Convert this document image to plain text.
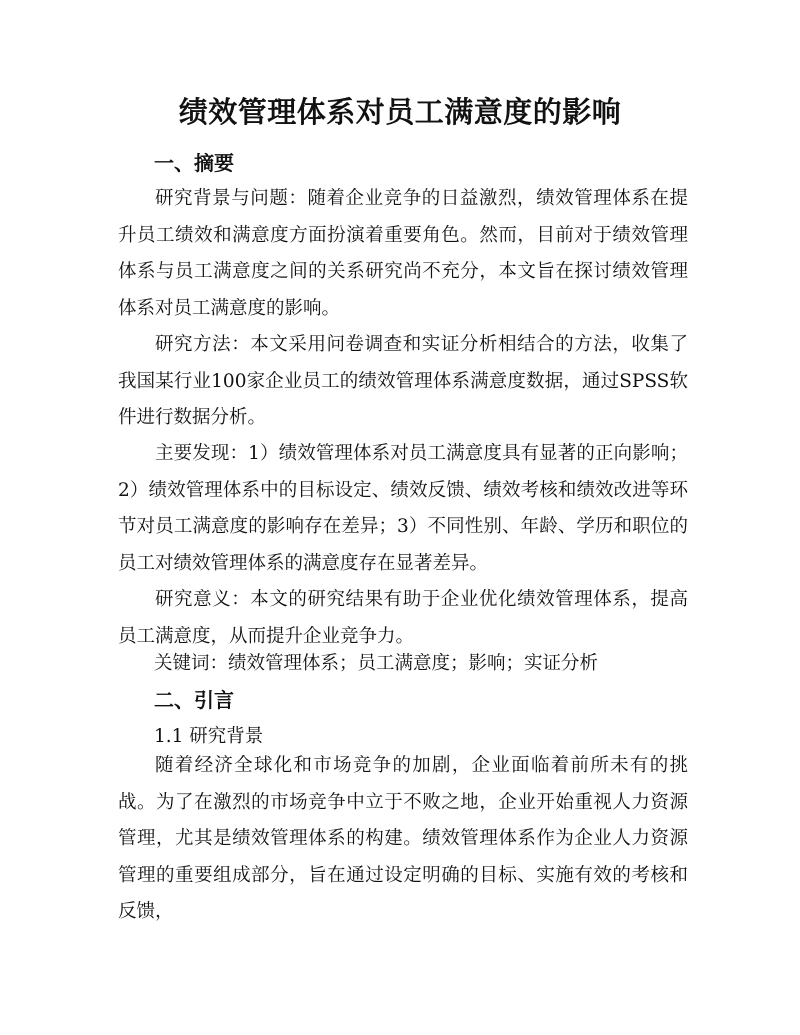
绩效管理体系对员工满意度的影响
一、摘要

研究背景与问题：随着企业竞争的日益激烈，绩效管理体系在提升员工绩效和满意度方面扮演着重要角色。然而，目前对于绩效管理体系与员工满意度之间的关系研究尚不充分，本文旨在探讨绩效管理体系对员工满意度的影响。

研究方法：本文采用问卷调查和实证分析相结合的方法，收集了我国某行业100家企业员工的绩效管理体系满意度数据，通过SPSS软件进行数据分析。

主要发现：1）绩效管理体系对员工满意度具有显著的正向影响；2）绩效管理体系中的目标设定、绩效反馈、绩效考核和绩效改进等环节对员工满意度的影响存在差异；3）不同性别、年龄、学历和职位的员工对绩效管理体系的满意度存在显著差异。

研究意义：本文的研究结果有助于企业优化绩效管理体系，提高员工满意度，从而提升企业竞争力。

关键词：绩效管理体系；员工满意度；影响；实证分析
二、引言
1.1 研究背景

随着经济全球化和市场竞争的加剧，企业面临着前所未有的挑战。为了在激烈的市场竞争中立于不败之地，企业开始重视人力资源管理，尤其是绩效管理体系的构建。绩效管理体系作为企业人力资源管理的重要组成部分，旨在通过设定明确的目标、实施有效的考核和反馈，
